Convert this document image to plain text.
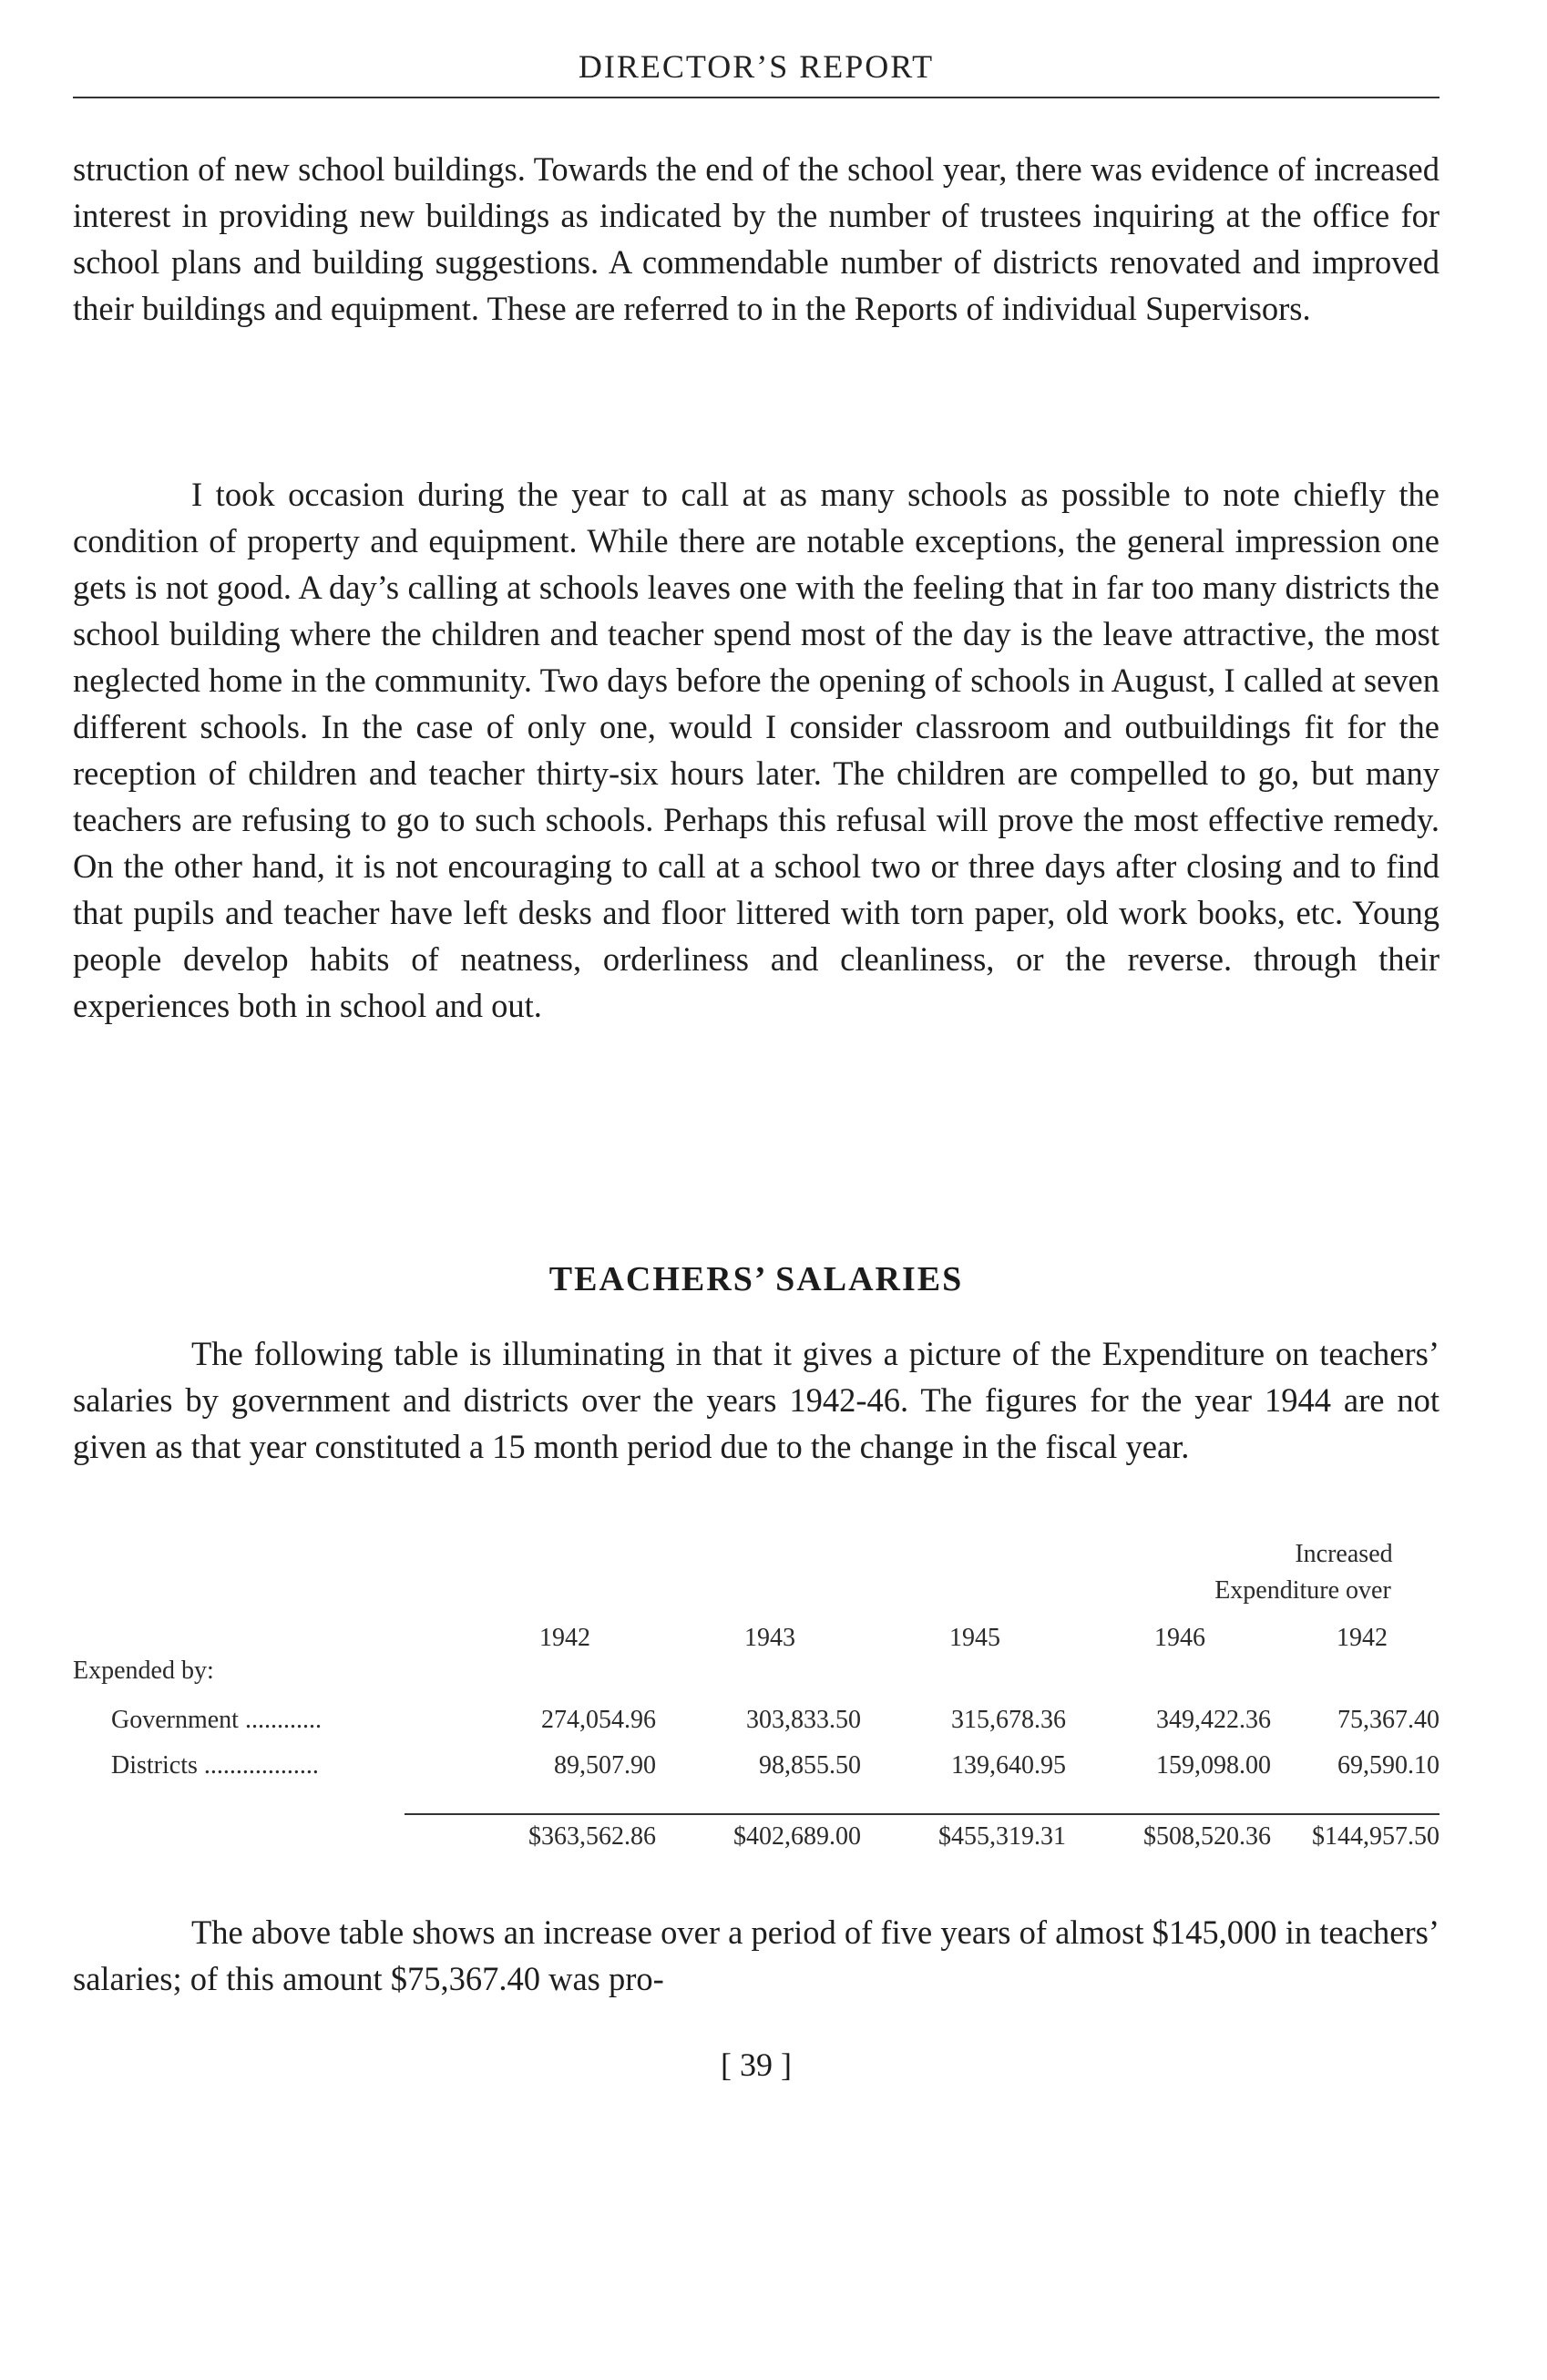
DIRECTOR’S REPORT

struction of new school buildings. Towards the end of the school year, there was evidence of increased interest in providing new buildings as indicated by the number of trustees inquiring at the office for school plans and building suggestions. A commendable number of districts renovated and improved their buildings and equipment. These are referred to in the Reports of individual Supervisors.

I took occasion during the year to call at as many schools as possible to note chiefly the condition of property and equipment. While there are notable exceptions, the general impression one gets is not good. A day’s calling at schools leaves one with the feeling that in far too many districts the school building where the children and teacher spend most of the day is the leave attractive, the most neglected home in the community. Two days before the opening of schools in August, I called at seven different schools. In the case of only one, would I consider classroom and outbuildings fit for the reception of children and teacher thirty-six hours later. The children are compelled to go, but many teachers are refusing to go to such schools. Perhaps this refusal will prove the most effective remedy. On the other hand, it is not encouraging to call at a school two or three days after closing and to find that pupils and teacher have left desks and floor littered with torn paper, old work books, etc. Young people develop habits of neatness, orderliness and cleanliness, or the reverse. through their experiences both in school and out.

TEACHERS’ SALARIES

The following table is illuminating in that it gives a picture of the Expenditure on teachers’ salaries by government and districts over the years 1942-46. The figures for the year 1944 are not given as that year constituted a 15 month period due to the change in the fiscal year.

Increased
Expenditure over
1942	1943	1945	1946	1942
Expended by:
Government ............	274,054.96	303,833.50	315,678.36	349,422.36	75,367.40
Districts ..................	89,507.90	98,855.50	139,640.95	159,098.00	69,590.10
$363,562.86	$402,689.00	$455,319.31	$508,520.36	$144,957.50

The above table shows an increase over a period of five years of almost $145,000 in teachers’ salaries; of this amount $75,367.40 was pro-

[ 39 ]
